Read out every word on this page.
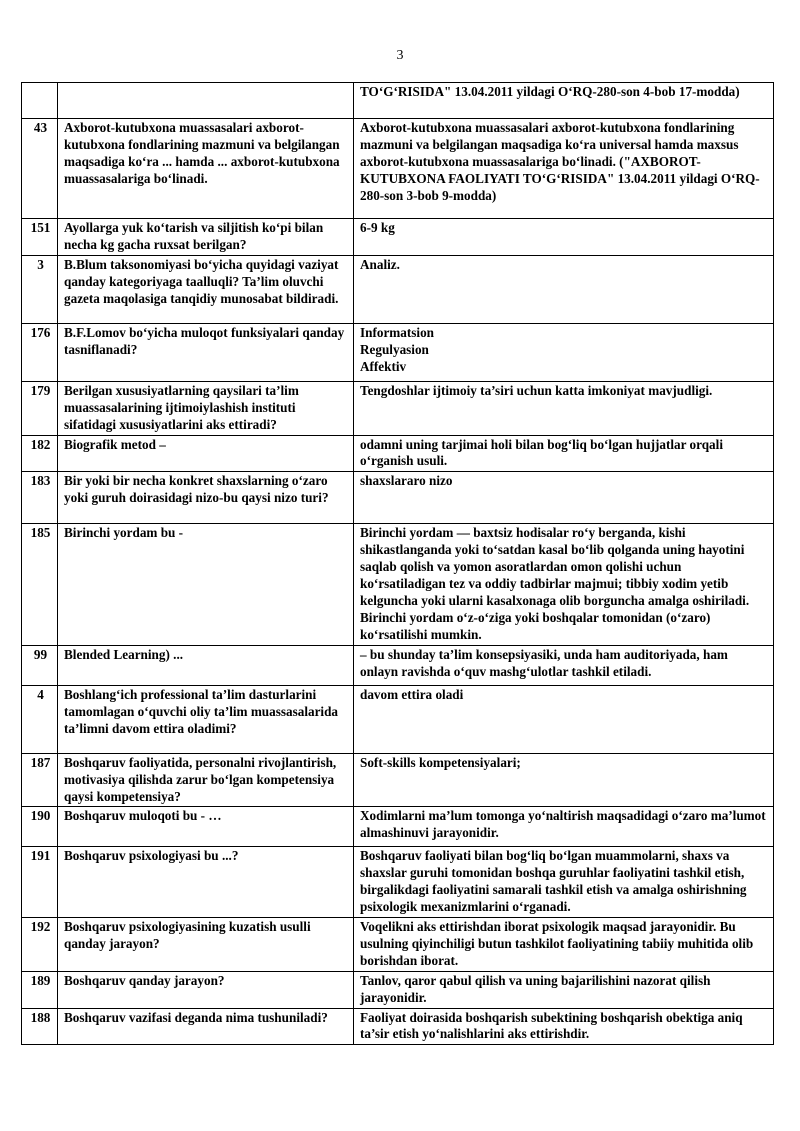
3

		TO‘G‘RISIDA" 13.04.2011 yildagi O‘RQ-280-son 4-bob 17-modda)

43	Axborot-kutubxona muassasalari axborot-kutubxona fondlarining mazmuni va belgilangan maqsadiga ko‘ra ... hamda ... axborot-kutubxona muassasalariga bo‘linadi.	Axborot-kutubxona muassasalari axborot-kutubxona fondlarining mazmuni va belgilangan maqsadiga ko‘ra universal hamda maxsus axborot-kutubxona muassasalariga bo‘linadi. ("AXBOROT-KUTUBXONA FAOLIYATI TO‘G‘RISIDA" 13.04.2011 yildagi O‘RQ-280-son 3-bob 9-modda)

151	Ayollarga yuk ko‘tarish va siljitish ko‘pi bilan necha kg gacha ruxsat berilgan?	6-9 kg

3	B.Blum taksonomiyasi bo‘yicha quyidagi vaziyat qanday kategoriyaga taalluqli? Ta’lim oluvchi gazeta maqolasiga tanqidiy munosabat bildiradi.	Analiz.

176	B.F.Lomov bo‘yicha muloqot funksiyalari qanday tasniflanadi?	Informatsion
Regulyasion
Affektiv

179	Berilgan xususiyatlarning qaysilari ta’lim muassasalarining ijtimoiylashish instituti sifatidagi xususiyatlarini aks ettiradi?	Tengdoshlar ijtimoiy ta’siri uchun katta imkoniyat mavjudligi.

182	Biografik metod –	odamni uning tarjimai holi bilan bog‘liq bo‘lgan hujjatlar orqali o‘rganish usuli.

183	Bir yoki bir necha konkret shaxslarning o‘zaro yoki guruh doirasidagi nizo-bu qaysi nizo turi?	shaxslararo nizo

185	Birinchi yordam bu -	Birinchi yordam — baxtsiz hodisalar ro‘y berganda, kishi shikastlanganda yoki to‘satdan kasal bo‘lib qolganda uning hayotini saqlab qolish va yomon asoratlardan omon qolishi uchun ko‘rsatiladigan tez va oddiy tadbirlar majmui; tibbiy xodim yetib kelguncha yoki ularni kasalxonaga olib borguncha amalga oshiriladi. Birinchi yordam o‘z-o‘ziga yoki boshqalar tomonidan (o‘zaro) ko‘rsatilishi mumkin.

99	Blended Learning) ...	– bu shunday ta’lim konsepsiyasiki, unda ham auditoriyada, ham onlayn ravishda o‘quv mashg‘ulotlar tashkil etiladi.

4	Boshlang‘ich professional ta’lim dasturlarini tamomlagan o‘quvchi oliy ta’lim muassasalarida ta’limni davom ettira oladimi?	davom ettira oladi

187	Boshqaruv faoliyatida, personalni rivojlantirish, motivasiya qilishda zarur bo‘lgan kompetensiya qaysi kompetensiya?	Soft-skills kompetensiyalari;

190	Boshqaruv muloqoti bu - …	Xodimlarni ma’lum tomonga yo‘naltirish maqsadidagi o‘zaro ma’lumot almashinuvi jarayonidir.

191	Boshqaruv psixologiyasi bu ...?	Boshqaruv faoliyati bilan bog‘liq bo‘lgan muammolarni, shaxs va shaxslar guruhi tomonidan boshqa guruhlar faoliyatini tashkil etish, birgalikdagi faoliyatini samarali tashkil etish va amalga oshirishning psixologik mexanizmlarini o‘rganadi.

192	Boshqaruv psixologiyasining kuzatish usulli qanday jarayon?	Voqelikni aks ettirishdan iborat psixologik maqsad jarayonidir. Bu usulning qiyinchiligi butun tashkilot faoliyatining tabiiy muhitida olib borishdan iborat.

189	Boshqaruv qanday jarayon?	Tanlov, qaror qabul qilish va uning bajarilishini nazorat qilish jarayonidir.

188	Boshqaruv vazifasi deganda nima tushuniladi?	Faoliyat doirasida boshqarish subektining boshqarish obektiga aniq ta’sir etish yo‘nalishlarini aks ettirishdir.
